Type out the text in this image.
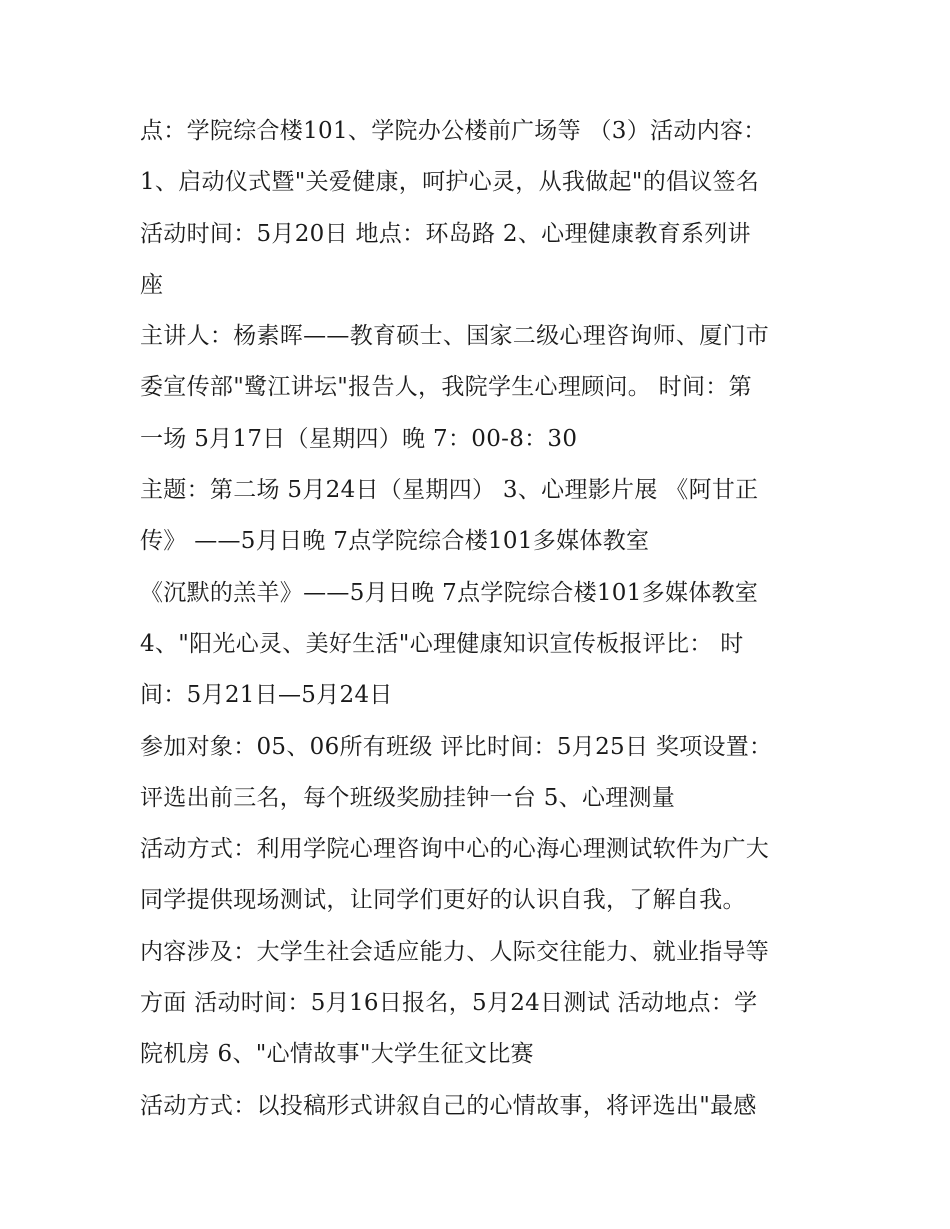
点：学院综合楼101、学院办公楼前广场等 （3）活动内容：
1、启动仪式暨"关爱健康，呵护心灵，从我做起"的倡议签名
活动时间：5月20日 地点：环岛路 2、心理健康教育系列讲
座
主讲人：杨素晖——教育硕士、国家二级心理咨询师、厦门市
委宣传部"鹭江讲坛"报告人，我院学生心理顾问。 时间：第
一场 5月17日（星期四）晚 7：00-8：30
主题：第二场 5月24日（星期四） 3、心理影片展 《阿甘正
传》 ——5月日晚 7点学院综合楼101多媒体教室
《沉默的羔羊》——5月日晚 7点学院综合楼101多媒体教室
4、"阳光心灵、美好生活"心理健康知识宣传板报评比： 时
间：5月21日—5月24日
参加对象：05、06所有班级 评比时间：5月25日 奖项设置：
评选出前三名，每个班级奖励挂钟一台 5、心理测量
活动方式：利用学院心理咨询中心的心海心理测试软件为广大
同学提供现场测试，让同学们更好的认识自我，了解自我。
内容涉及：大学生社会适应能力、人际交往能力、就业指导等
方面 活动时间：5月16日报名，5月24日测试 活动地点：学
院机房 6、"心情故事"大学生征文比赛
活动方式：以投稿形式讲叙自己的心情故事，将评选出"最感
